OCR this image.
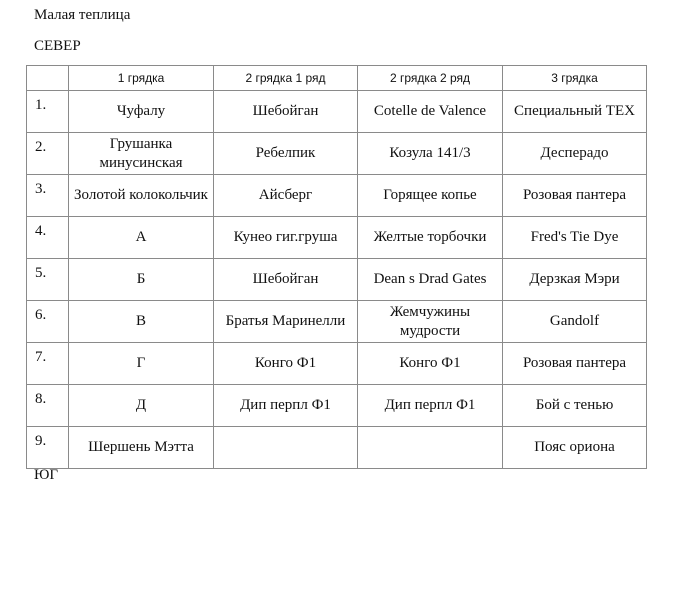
Малая теплица
СЕВЕР
	1 грядка	2 грядка 1 ряд	2 грядка 2 ряд	3 грядка
1.	Чуфалу	Шебойган	Cotelle de Valence	Специальный ТЕХ
2.	Грушанка минусинская	Ребелпик	Козула 141/3	Десперадо
3.	Золотой колокольчик	Айсберг	Горящее копье	Розовая пантера
4.	А	Кунео гиг.груша	Желтые торбочки	Fred's Tie Dye
5.	Б	Шебойган	Dean s Drad Gates	Дерзкая Мэри
6.	В	Братья Маринелли	Жемчужины мудрости	Gandolf
7.	Г	Конго Ф1	Конго Ф1	Розовая пантера
8.	Д	Дип перпл Ф1	Дип перпл Ф1	Бой с тенью
9.	Шершень Мэтта			Пояс ориона
ЮГ
